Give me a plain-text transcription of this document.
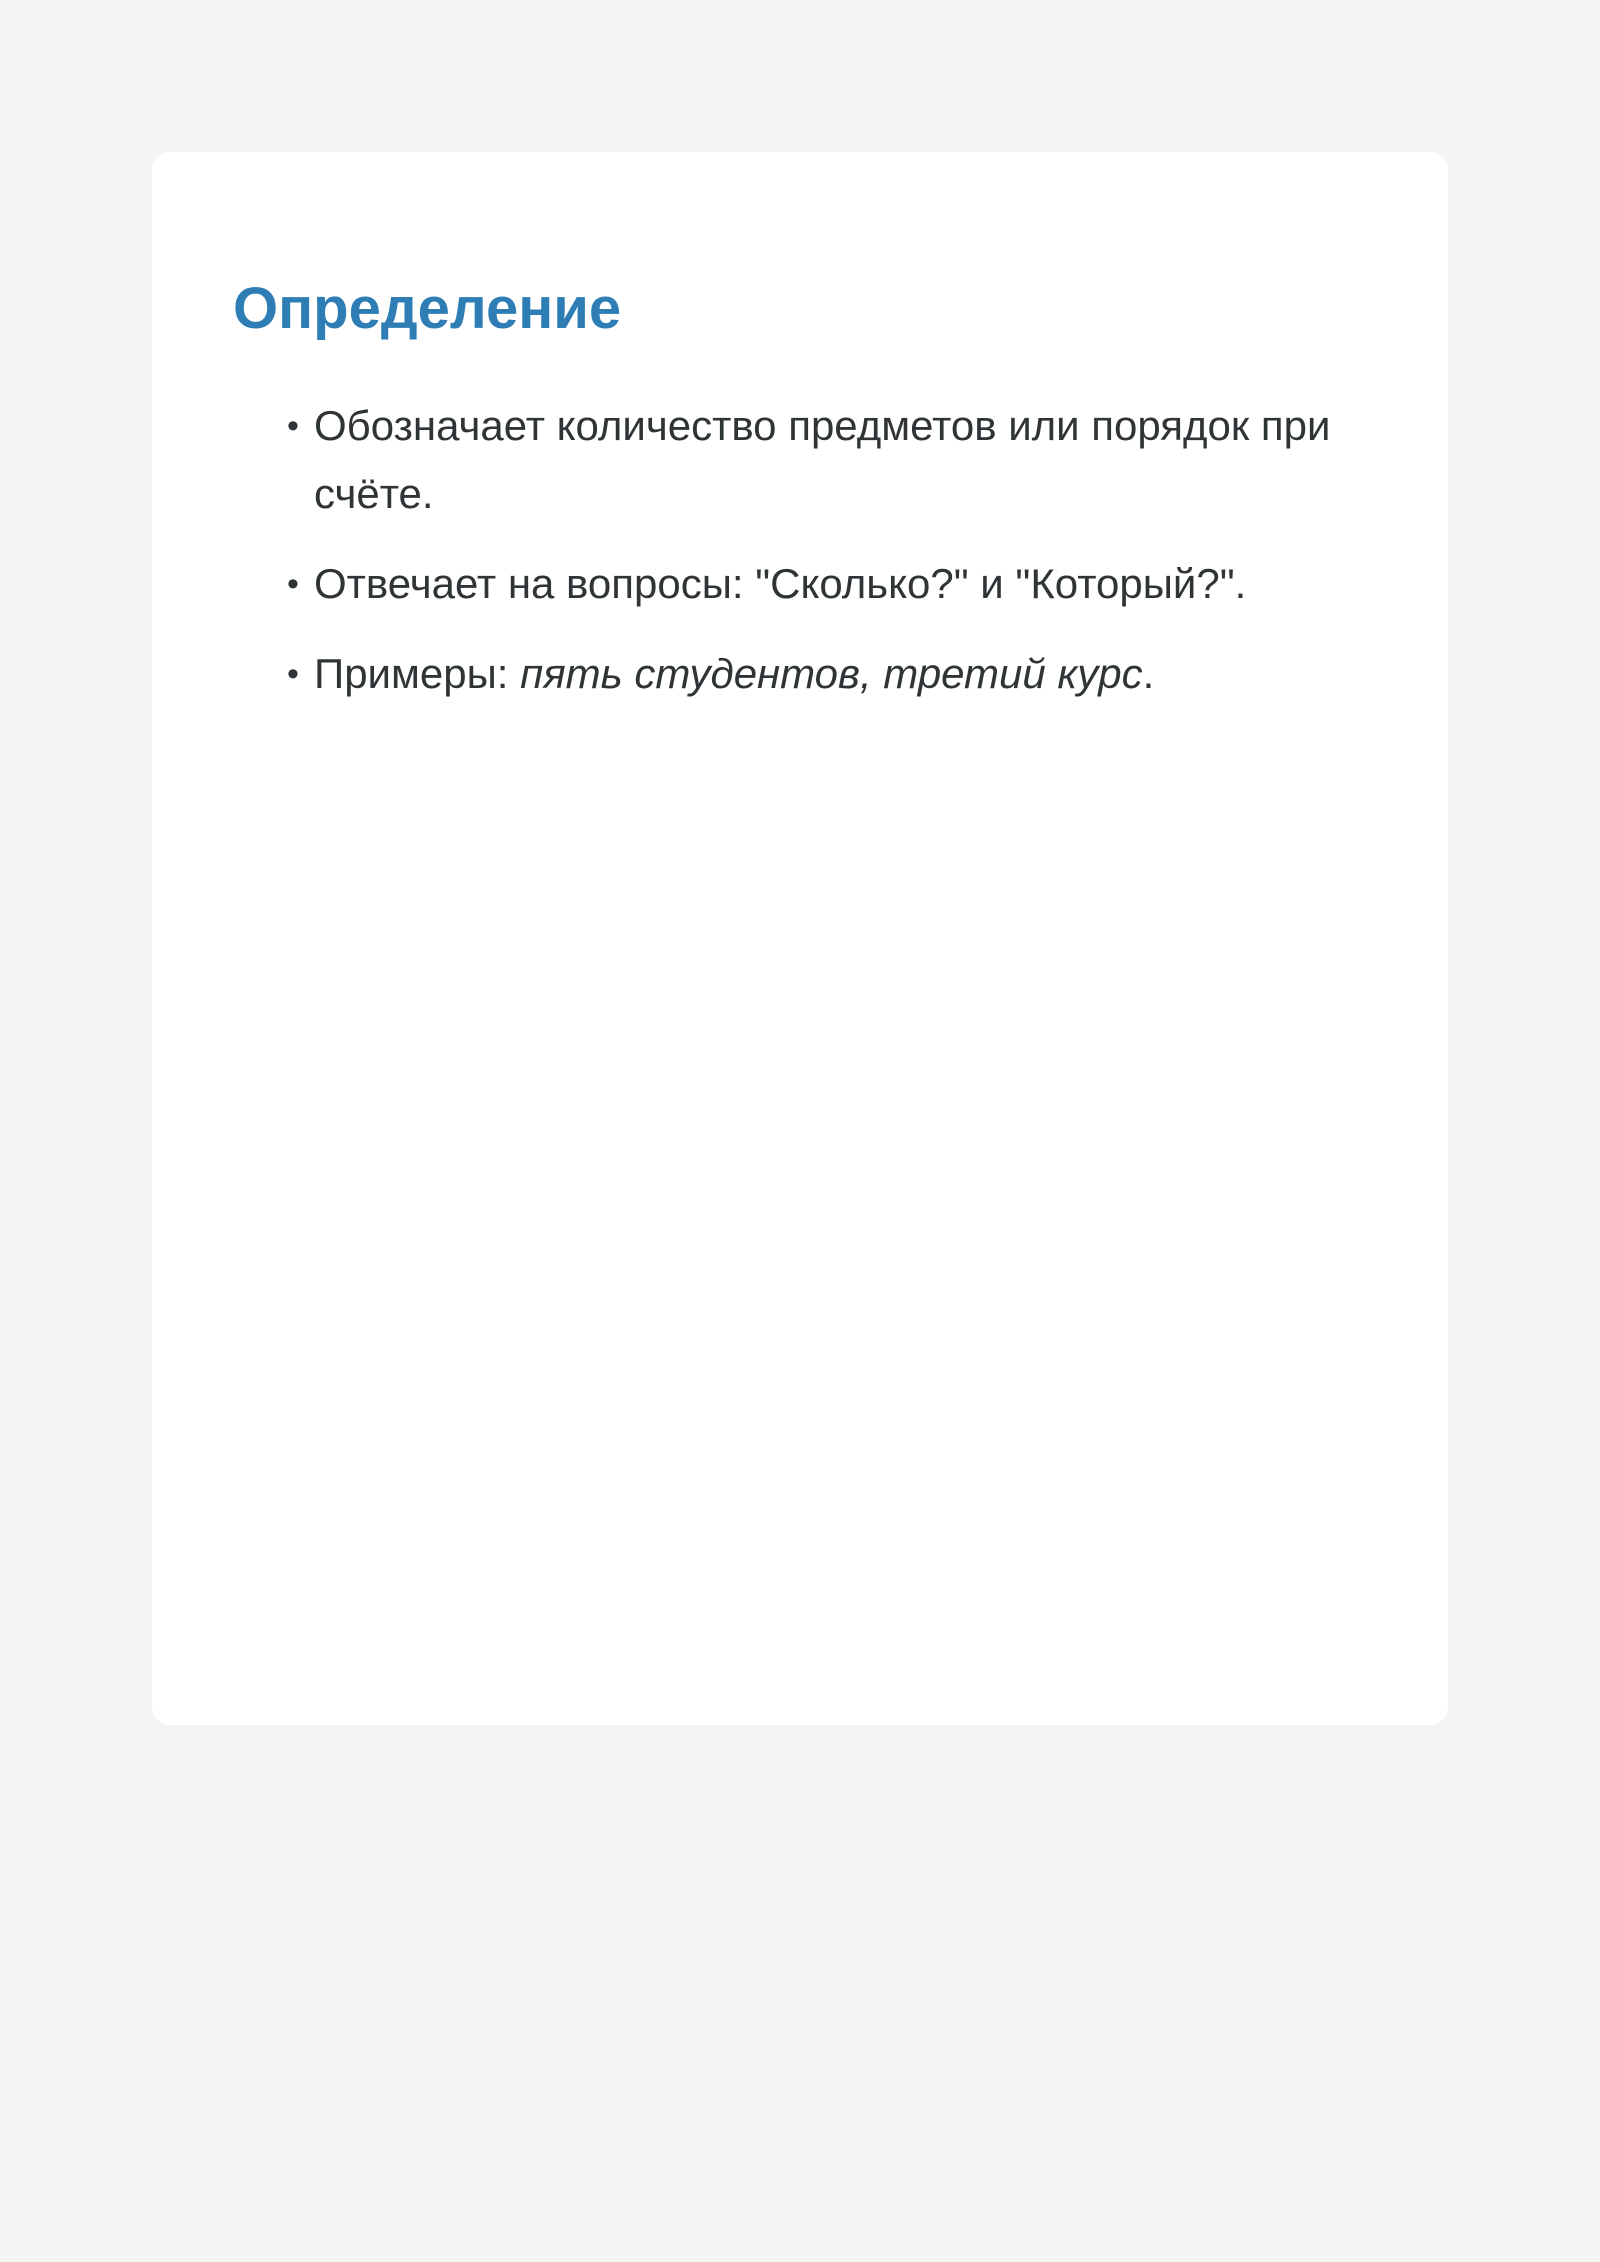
Определение
• Обозначает количество предметов или порядок при счёте.
• Отвечает на вопросы: "Сколько?" и "Который?".
• Примеры: пять студентов, третий курс.
